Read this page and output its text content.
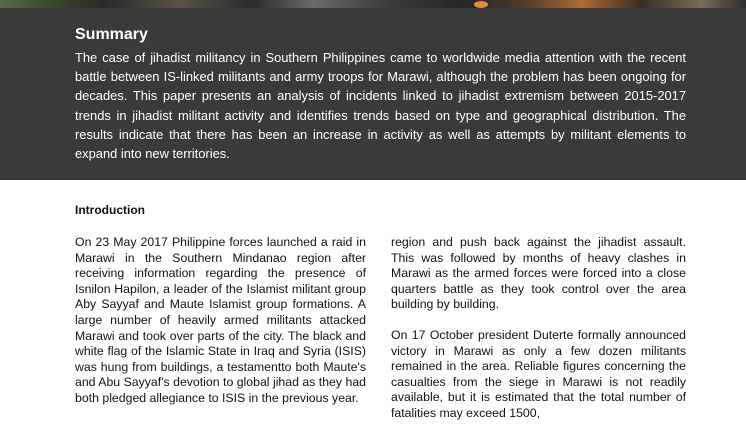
Summary

The case of jihadist militancy in Southern Philippines came to worldwide media attention with the recent battle between IS-linked militants and army troops for Marawi, although the problem has been ongoing for decades. This paper presents an analysis of incidents linked to jihadist extremism between 2015-2017 trends in jihadist militant activity and identifies trends based on type and geographical distribution. The results indicate that there has been an increase in activity as well as attempts by militant elements to expand into new territories.

Introduction

On 23 May 2017 Philippine forces launched a raid in Marawi in the Southern Mindanao region after receiving information regarding the presence of Isnilon Hapilon, a leader of the Islamist militant group Aby Sayyaf and Maute Islamist group formations. A large number of heavily armed militants attacked Marawi and took over parts of the city. The black and white flag of the Islamic State in Iraq and Syria (ISIS) was hung from buildings, a testamentto both Maute's and Abu Sayyaf's devotion to global jihad as they had both pledged allegiance to ISIS in the previous year.

region and push back against the jihadist assault. This was followed by months of heavy clashes in Marawi as the armed forces were forced into a close quarters battle as they took control over the area building by building.

On 17 October president Duterte formally announced victory in Marawi as only a few dozen militants remained in the area. Reliable figures concerning the casualties from the siege in Marawi is not readily available, but it is estimated that the total number of fatalities may exceed 1500,
